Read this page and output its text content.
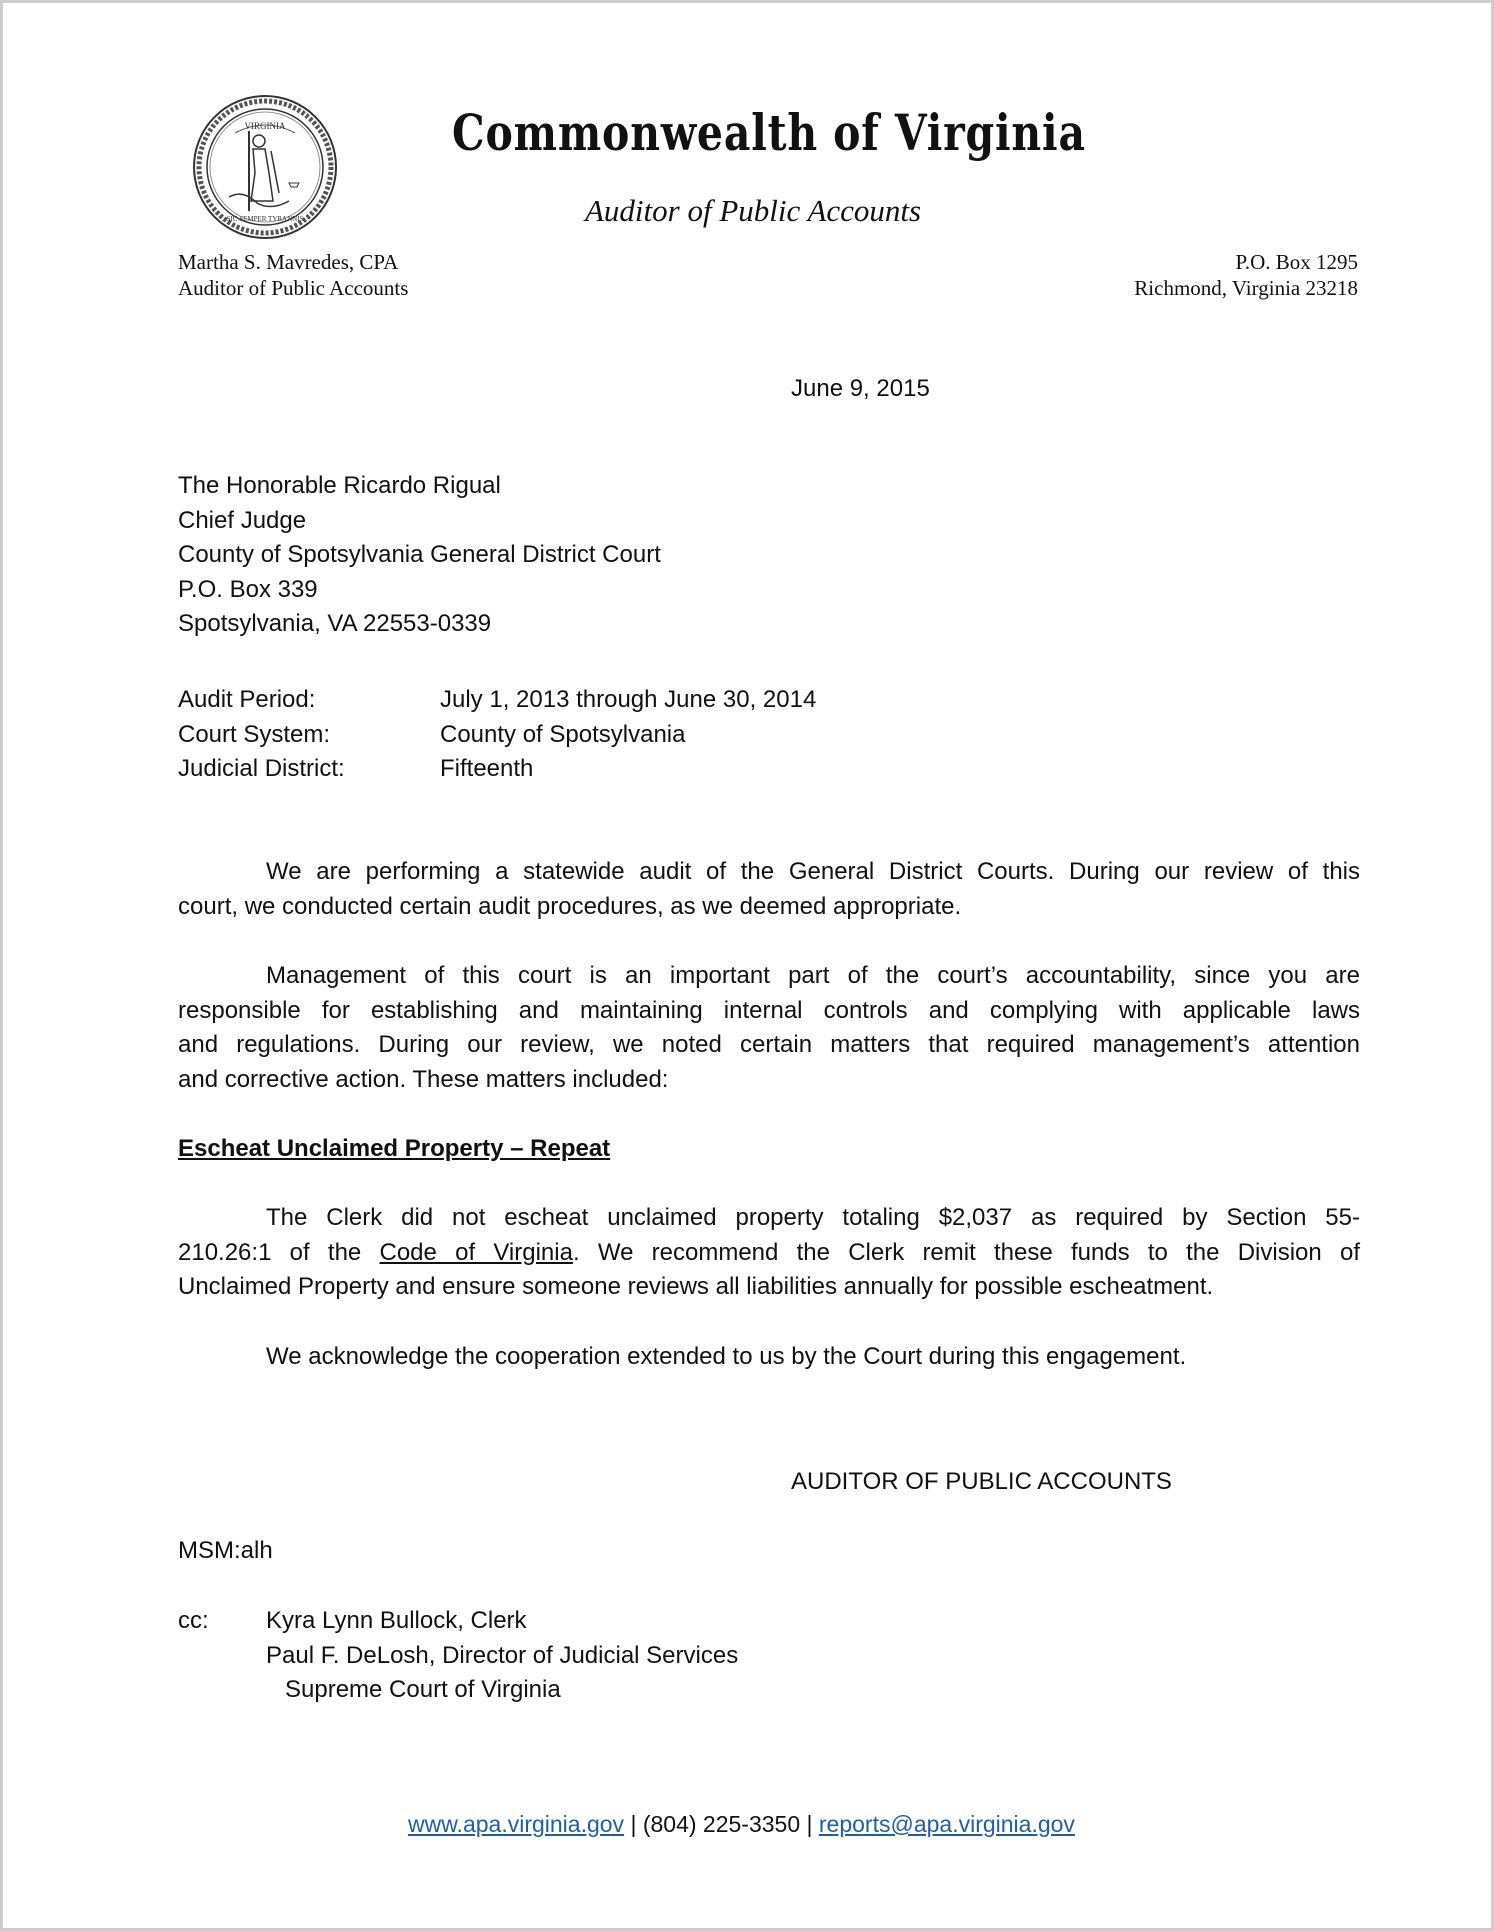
VIRGINIA
SIC SEMPER TYRANNIS
Commonwealth of Virginia
Auditor of Public Accounts
Martha S. Mavredes, CPA
Auditor of Public Accounts
P.O. Box 1295
Richmond, Virginia 23218
June 9, 2015
The Honorable Ricardo Rigual
Chief Judge
County of Spotsylvania General District Court
P.O. Box 339
Spotsylvania, VA 22553-0339
Audit Period:	July 1, 2013 through June 30, 2014
Court System:	County of Spotsylvania
Judicial District:	Fifteenth
We are performing a statewide audit of the General District Courts. During our review of this
court, we conducted certain audit procedures, as we deemed appropriate.
Management of this court is an important part of the court’s accountability, since you are
responsible for establishing and maintaining internal controls and complying with applicable laws
and regulations. During our review, we noted certain matters that required management’s attention
and corrective action. These matters included:
Escheat Unclaimed Property – Repeat
The Clerk did not escheat unclaimed property totaling $2,037 as required by Section 55-
210.26:1 of the Code of Virginia. We recommend the Clerk remit these funds to the Division of
Unclaimed Property and ensure someone reviews all liabilities annually for possible escheatment.
We acknowledge the cooperation extended to us by the Court during this engagement.
AUDITOR OF PUBLIC ACCOUNTS
MSM:alh
cc:	Kyra Lynn Bullock, Clerk
Paul F. DeLosh, Director of Judicial Services
Supreme Court of Virginia
www.apa.virginia.gov | (804) 225-3350 | reports@apa.virginia.gov
